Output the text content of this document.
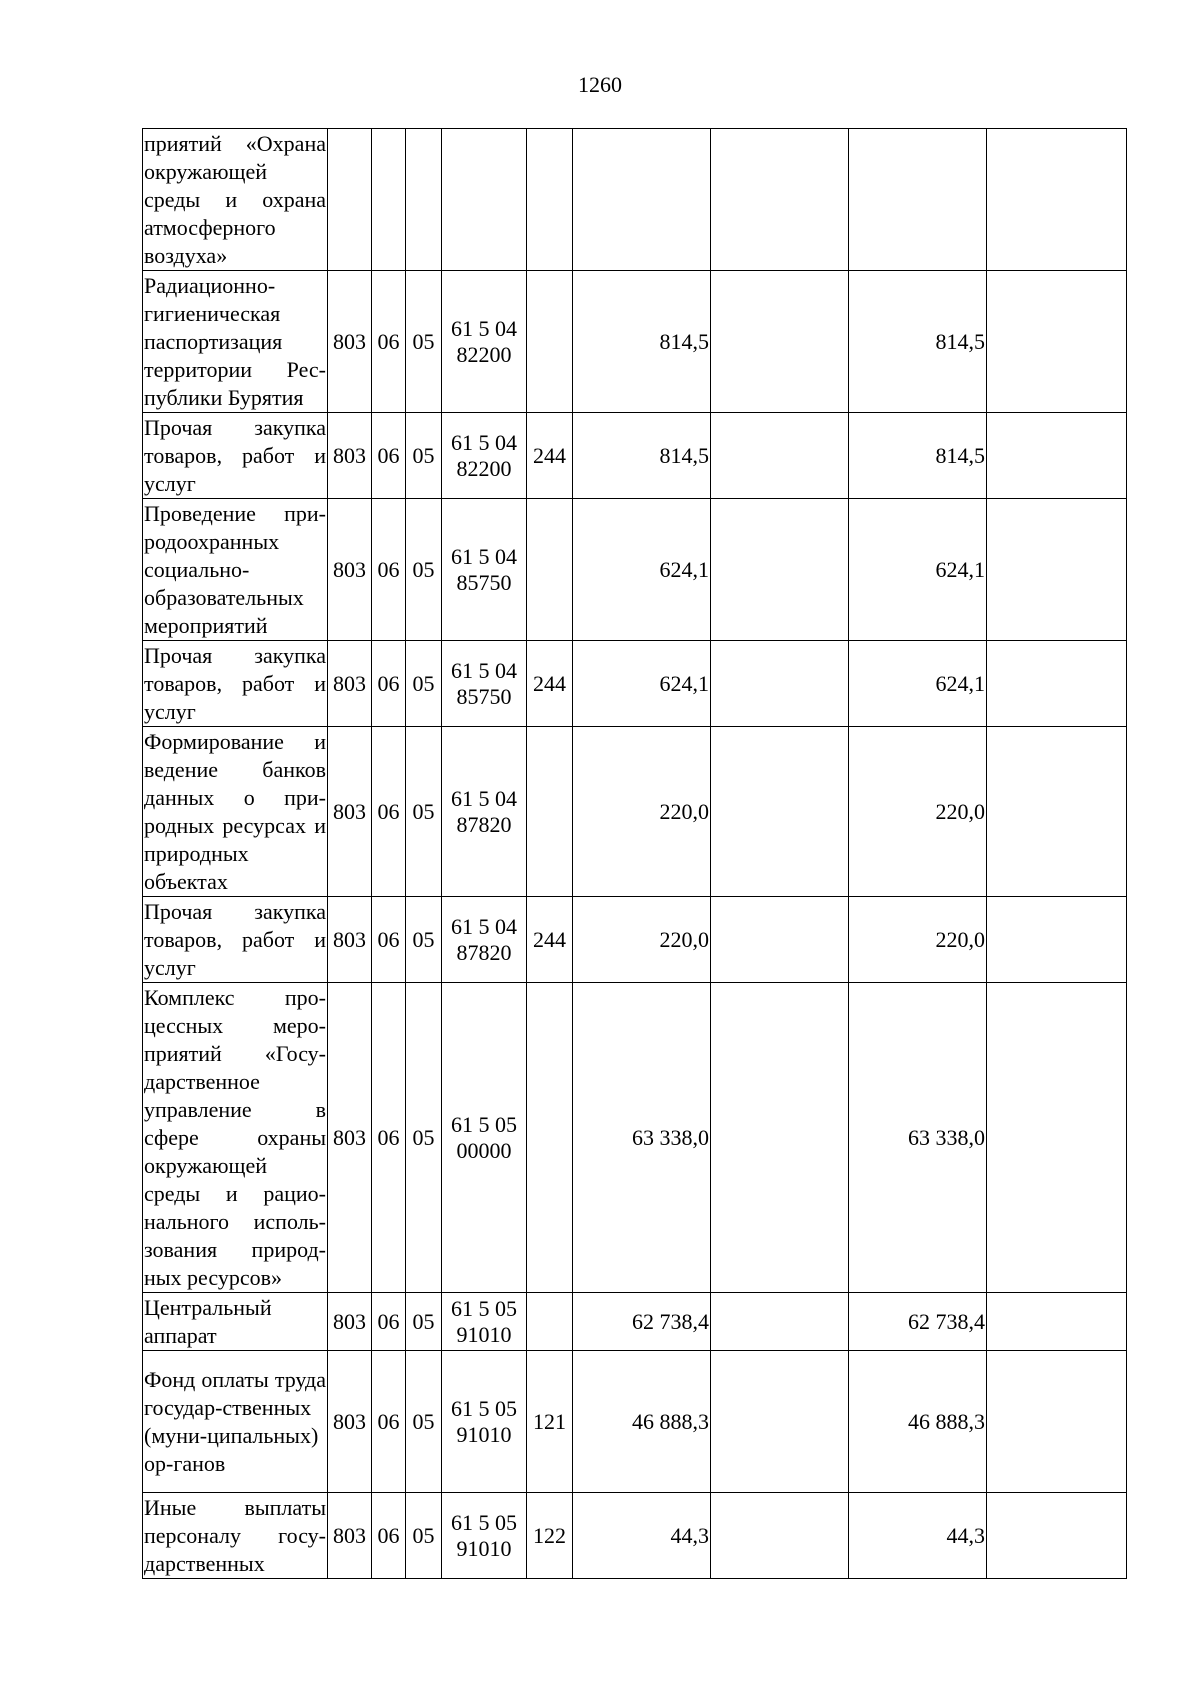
1260
приятий «Охрана окружающей среды и охрана атмосферного воздуха»									
Радиационно-гигиеническая паспортизация территории Рес-публики Бурятия	803	06	05	61 5 04 82200		814,5		814,5	
Прочая закупка товаров, работ и услуг	803	06	05	61 5 04 82200	244	814,5		814,5	
Проведение при-родоохранных социально-образовательных мероприятий	803	06	05	61 5 04 85750		624,1		624,1	
Прочая закупка товаров, работ и услуг	803	06	05	61 5 04 85750	244	624,1		624,1	
Формирование и ведение банков данных о при-родных ресурсах и природных объектах	803	06	05	61 5 04 87820		220,0		220,0	
Прочая закупка товаров, работ и услуг	803	06	05	61 5 04 87820	244	220,0		220,0	
Комплекс про-цессных меро-приятий «Госу-дарственное управление в сфере охраны окружающей среды и рацио-нального исполь-зования природ-ных ресурсов»	803	06	05	61 5 05 00000		63 338,0		63 338,0	
Центральный аппарат	803	06	05	61 5 05 91010		62 738,4		62 738,4	
Фонд оплаты труда государ-ственных (муни-ципальных) ор-ганов	803	06	05	61 5 05 91010	121	46 888,3		46 888,3	
Иные выплаты персоналу госу-дарственных	803	06	05	61 5 05 91010	122	44,3		44,3	
